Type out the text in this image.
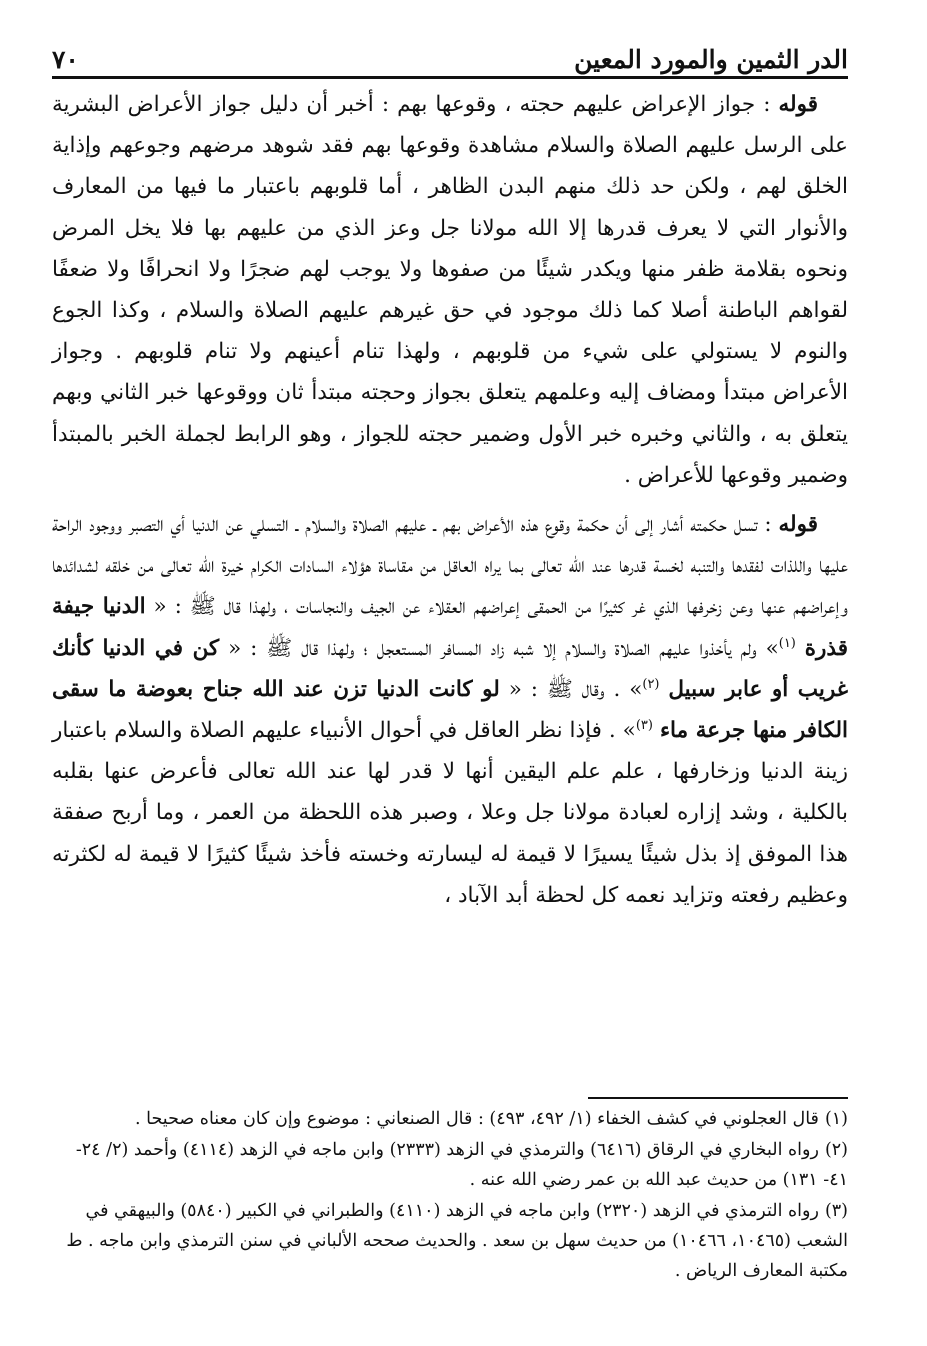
الدر الثمين والمورد المعين
٧٠

قوله : جواز الإعراض عليهم حجته ، وقوعها بهم : أخبر أن دليل جواز الأعراض البشرية على الرسل عليهم الصلاة والسلام مشاهدة وقوعها بهم فقد شوهد مرضهم وجوعهم وإذاية الخلق لهم ، ولكن حد ذلك منهم البدن الظاهر ، أما قلوبهم باعتبار ما فيها من المعارف والأنوار التي لا يعرف قدرها إلا الله مولانا جل وعز الذي من عليهم بها فلا يخل المرض ونحوه بقلامة ظفر منها ويكدر شيئًا من صفوها ولا يوجب لهم ضجرًا ولا انحرافًا ولا ضعفًا لقواهم الباطنة أصلا كما ذلك موجود في حق غيرهم عليهم الصلاة والسلام ، وكذا الجوع والنوم لا يستولي على شيء من قلوبهم ، ولهذا تنام أعينهم ولا تنام قلوبهم . وجواز الأعراض مبتدأ ومضاف إليه وعلمهم يتعلق بجواز وحجته مبتدأ ثان ووقوعها خبر الثاني وبهم يتعلق به ، والثاني وخبره خبر الأول وضمير حجته للجواز ، وهو الرابط لجملة الخبر بالمبتدأ وضمير وقوعها للأعراض .

قوله : تسل حكمته أشار إلى أن حكمة وقوع هذه الأعراض بهم ـ عليهم الصلاة والسلام ـ التسلي عن الدنيا أي التصبر ووجود الراحة عليها واللذات لفقدها والتنبه لخسة قدرها عند الله تعالى بما يراه العاقل من مقاساة هؤلاء السادات الكرام خيرة الله تعالى من خلقه لشدائدها وإعراضهم عنها وعن زخرفها الذي غر كثيرًا من الحمقى إعراضهم العقلاء عن الجيف والنجاسات ، ولهذا قال ﷺ : « الدنيا جيفة قذرة $^{(١)}$» ولم يأخذوا عليهم الصلاة والسلام إلا شبه زاد المسافر المستعجل ؛ ولهذا قال ﷺ : « كن في الدنيا كأنك غريب أو عابر سبيل $^{(٢)}$» . وقال ﷺ : « لو كانت الدنيا تزن عند الله جناح بعوضة ما سقى الكافر منها جرعة ماء $^{(٣)}$» . فإذا نظر العاقل في أحوال الأنبياء عليهم الصلاة والسلام باعتبار زينة الدنيا وزخارفها ، علم علم اليقين أنها لا قدر لها عند الله تعالى فأعرض عنها بقلبه بالكلية ، وشد إزاره لعبادة مولانا جل وعلا ، وصبر هذه اللحظة من العمر ، وما أربح صفقة هذا الموفق إذ بذل شيئًا يسيرًا لا قيمة له ليسارته وخسته فأخذ شيئًا كثيرًا لا قيمة له لكثرته وعظيم رفعته وتزايد نعمه كل لحظة أبد الآباد ،

(١)قال العجلوني في كشف الخفاء (١/ ٤٩٢، ٤٩٣) : قال الصنعاني : موضوع وإن كان معناه صحيحا .

(٢)رواه البخاري في الرقاق (٦٤١٦) والترمذي في الزهد (٢٣٣٣) وابن ماجه في الزهد (٤١١٤) وأحمد (٢/ ٢٤- ٤١- ١٣١) من حديث عبد الله بن عمر رضي الله عنه .

(٣)رواه الترمذي في الزهد (٢٣٢٠) وابن ماجه في الزهد (٤١١٠) والطبراني في الكبير (٥٨٤٠) والبيهقي في الشعب (١٠٤٦٥، ١٠٤٦٦) من حديث سهل بن سعد . والحديث صححه الألباني في سنن الترمذي وابن ماجه . ط مكتبة المعارف الرياض .
